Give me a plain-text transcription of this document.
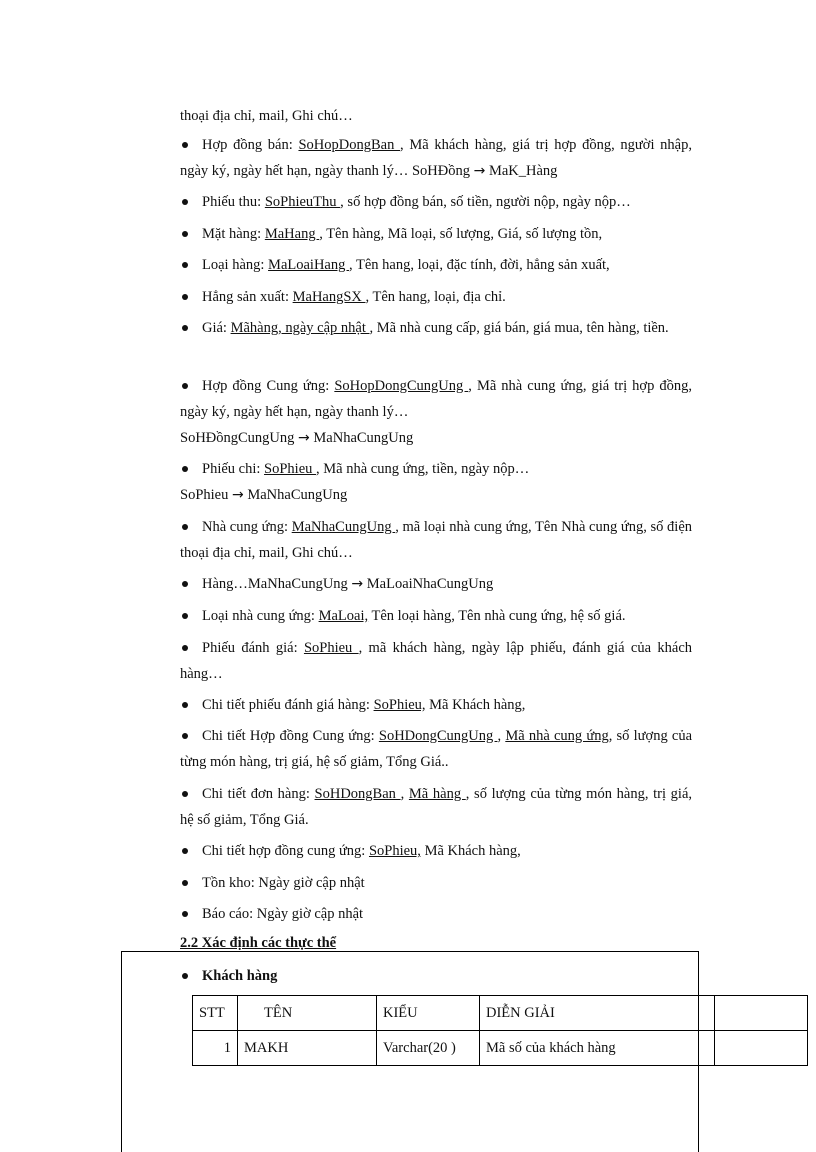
thoại địa chỉ, mail, Ghi chú…
Hợp đồng bán: SoHopDongBan , Mã khách hàng, giá trị hợp đồng, người nhập, ngày ký, ngày hết hạn, ngày thanh lý… SoHĐồng → MaK_Hàng
Phiếu thu: SoPhieuThu , số hợp đồng bán, số tiền, người nộp, ngày nộp…
Mặt hàng: MaHang , Tên hàng, Mã loại, số lượng, Giá, số lượng tồn,
Loại hàng: MaLoaiHang , Tên hang, loại, đặc tính, đời, hẳng sản xuất,
Hẳng sản xuất: MaHangSX , Tên hang, loại, địa chỉ.
Giá: Mãhàng, ngày cập nhật , Mã nhà cung cấp, giá bán, giá mua, tên hàng, tiền.
Hợp đồng Cung ứng: SoHopDongCungUng , Mã nhà cung ứng, giá trị hợp đồng, ngày ký, ngày hết hạn, ngày thanh lý…
SoHĐồngCungUng → MaNhaCungUng
Phiếu chi: SoPhieu , Mã nhà cung ứng, tiền, ngày nộp…
SoPhieu → MaNhaCungUng
Nhà cung ứng: MaNhaCungUng , mã loại nhà cung ứng, Tên Nhà cung ứng, số điện thoại địa chỉ, mail, Ghi chú…
Hàng…MaNhaCungUng → MaLoaiNhaCungUng
Loại nhà cung ứng: MaLoai, Tên loại hàng, Tên nhà cung ứng, hệ số giá.
Phiếu đánh giá: SoPhieu , mã khách hàng, ngày lập phiếu, đánh giá của khách hàng…
Chi tiết phiếu đánh giá hàng: SoPhieu, Mã Khách hàng,
Chi tiết Hợp đồng Cung ứng: SoHDongCungUng , Mã nhà cung ứng, số lượng của từng món hàng, trị giá, hệ số giảm, Tổng Giá..
Chi tiết đơn hàng: SoHDongBan , Mã hàng , số lượng của từng món hàng, trị giá, hệ số giảm, Tổng Giá.
Chi tiết hợp đồng cung ứng: SoPhieu, Mã Khách hàng,
Tồn kho: Ngày giờ cập nhật
Báo cáo: Ngày giờ cập nhật
2.2 Xác định các thực thể
Khách hàng
STT	TÊN	KIỂU	DIỄN GIẢI	
1	MAKH	Varchar(20 )	Mã số của khách hàng	
